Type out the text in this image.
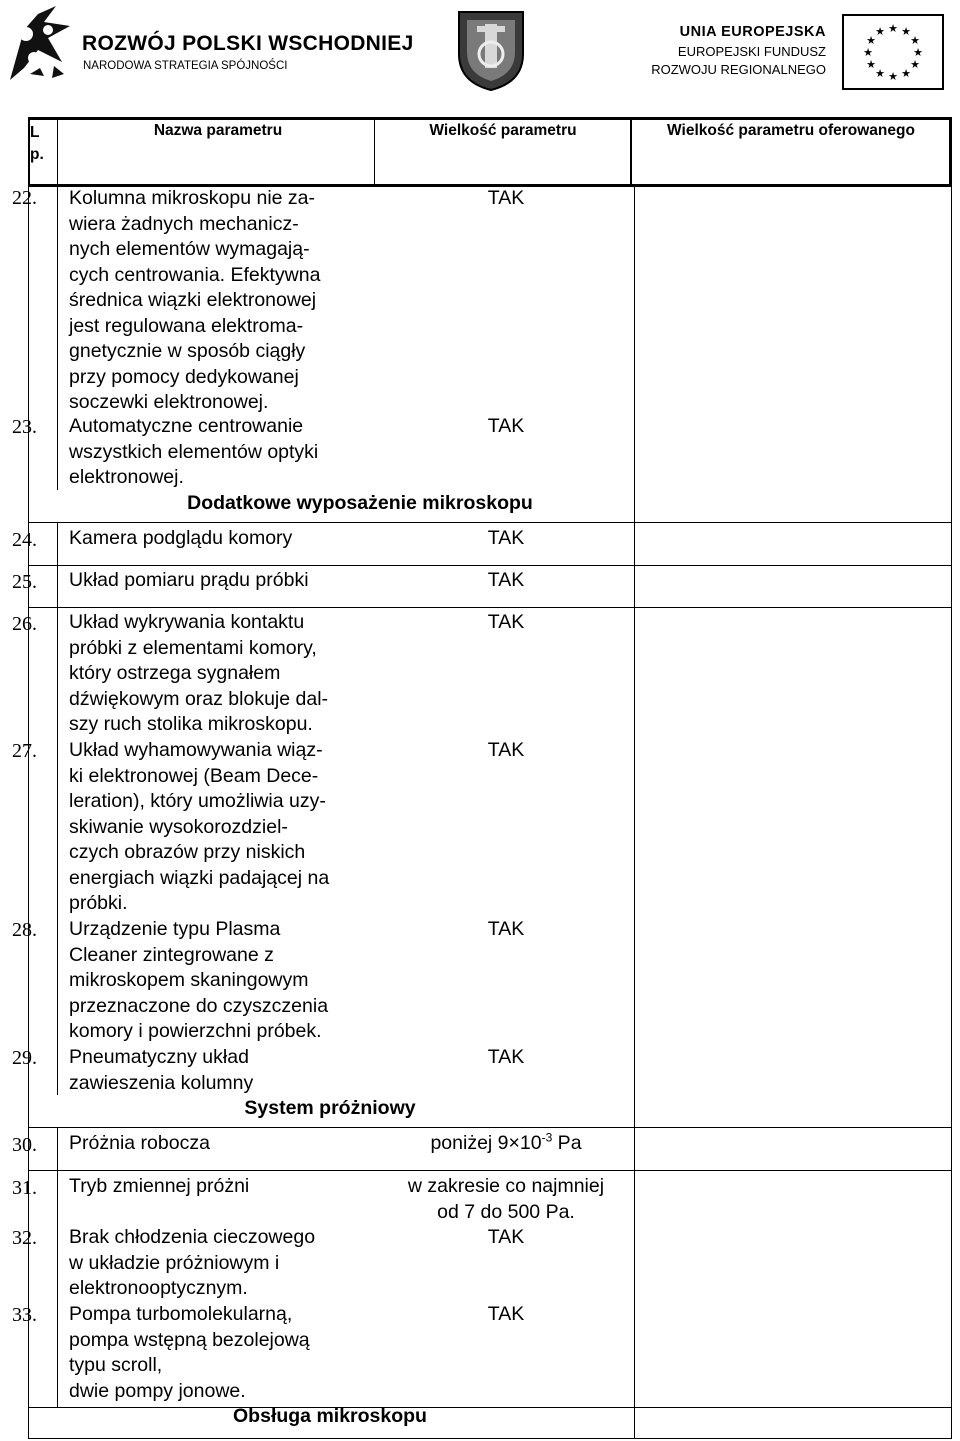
ROZWÓJ POLSKI WSCHODNIEJ
NARODOWA STRATEGIA SPÓJNOŚCI
UNIA EUROPEJSKA
EUROPEJSKI FUNDUSZ
ROZWOJU REGIONALNEGO
★ ★
★
★
★
★
★
★
★
★
★
★
L
p.
Nazwa parametru	Wielkość parametru	Wielkość parametru oferowanego
22. Kolumna mikroskopu nie za-
wiera żadnych mechanicz-
nych elementów wymagają-
cych centrowania. Efektywna
średnica wiązki elektronowej
jest regulowana elektroma-
gnetycznie w sposób ciągły
przy pomocy dedykowanej
soczewki elektronowej.
TAK
23. Automatyczne centrowanie
wszystkich elementów optyki
elektronowej.
TAK
Dodatkowe wyposażenie mikroskopu
24. Kamera podglądu komory	TAK
25. Układ pomiaru prądu próbki	TAK
26. Układ wykrywania kontaktu
próbki z elementami komory,
który ostrzega sygnałem
dźwiękowym oraz blokuje dal-
szy ruch stolika mikroskopu.
TAK
27. Układ wyhamowywania wiąz-
ki elektronowej (Beam Dece-
leration), który umożliwia uzy-
skiwanie wysokorozdziel-
czych obrazów przy niskich
energiach wiązki padającej na
próbki.
TAK
28. Urządzenie typu Plasma
Cleaner zintegrowane z
mikroskopem skaningowym
przeznaczone do czyszczenia
komory i powierzchni próbek.
TAK
29. Pneumatyczny układ
zawieszenia kolumny
TAK
System próżniowy
30. Próżnia robocza	poniżej $9\times 10^{-3}$ Pa
31. Tryb zmiennej próżni	w zakresie co najmniej
od 7 do 500 Pa.
32. Brak chłodzenia cieczowego
w układzie próżniowym i
elektronooptycznym.
TAK
33. Pompa turbomolekularną,
pompa wstępną bezolejową
typu scroll,
dwie pompy jonowe.
TAK
Obsługa mikroskopu
